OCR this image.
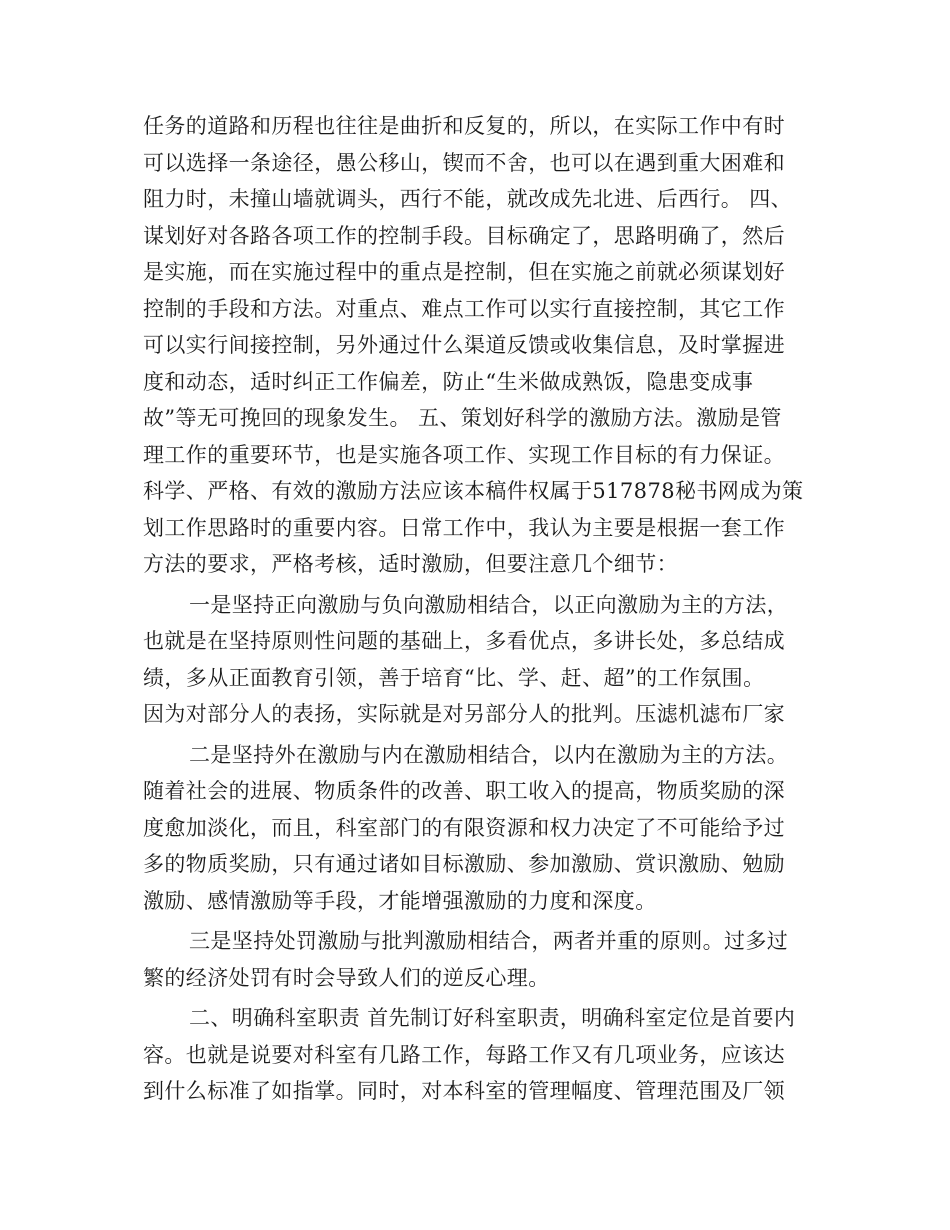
任务的道路和历程也往往是曲折和反复的，所以，在实际工作中有时
可以选择一条途径，愚公移山，锲而不舍，也可以在遇到重大困难和
阻力时，未撞山墙就调头，西行不能，就改成先北进、后西行。 四、
谋划好对各路各项工作的控制手段。目标确定了，思路明确了，然后
是实施，而在实施过程中的重点是控制，但在实施之前就必须谋划好
控制的手段和方法。对重点、难点工作可以实行直接控制，其它工作
可以实行间接控制，另外通过什么渠道反馈或收集信息，及时掌握进
度和动态，适时纠正工作偏差，防止“生米做成熟饭，隐患变成事
故”等无可挽回的现象发生。 五、策划好科学的激励方法。激励是管
理工作的重要环节，也是实施各项工作、实现工作目标的有力保证。
科学、严格、有效的激励方法应该本稿件权属于517878秘书网成为策
划工作思路时的重要内容。日常工作中，我认为主要是根据一套工作
方法的要求，严格考核，适时激励，但要注意几个细节：
一是坚持正向激励与负向激励相结合，以正向激励为主的方法，
也就是在坚持原则性问题的基础上，多看优点，多讲长处，多总结成
绩，多从正面教育引领，善于培育“比、学、赶、超”的工作氛围。
因为对部分人的表扬，实际就是对另部分人的批判。压滤机滤布厂家
二是坚持外在激励与内在激励相结合，以内在激励为主的方法。
随着社会的进展、物质条件的改善、职工收入的提高，物质奖励的深
度愈加淡化，而且，科室部门的有限资源和权力决定了不可能给予过
多的物质奖励，只有通过诸如目标激励、参加激励、赏识激励、勉励
激励、感情激励等手段，才能增强激励的力度和深度。
三是坚持处罚激励与批判激励相结合，两者并重的原则。过多过
繁的经济处罚有时会导致人们的逆反心理。
二、明确科室职责 首先制订好科室职责，明确科室定位是首要内
容。也就是说要对科室有几路工作，每路工作又有几项业务，应该达
到什么标准了如指掌。同时，对本科室的管理幅度、管理范围及厂领
